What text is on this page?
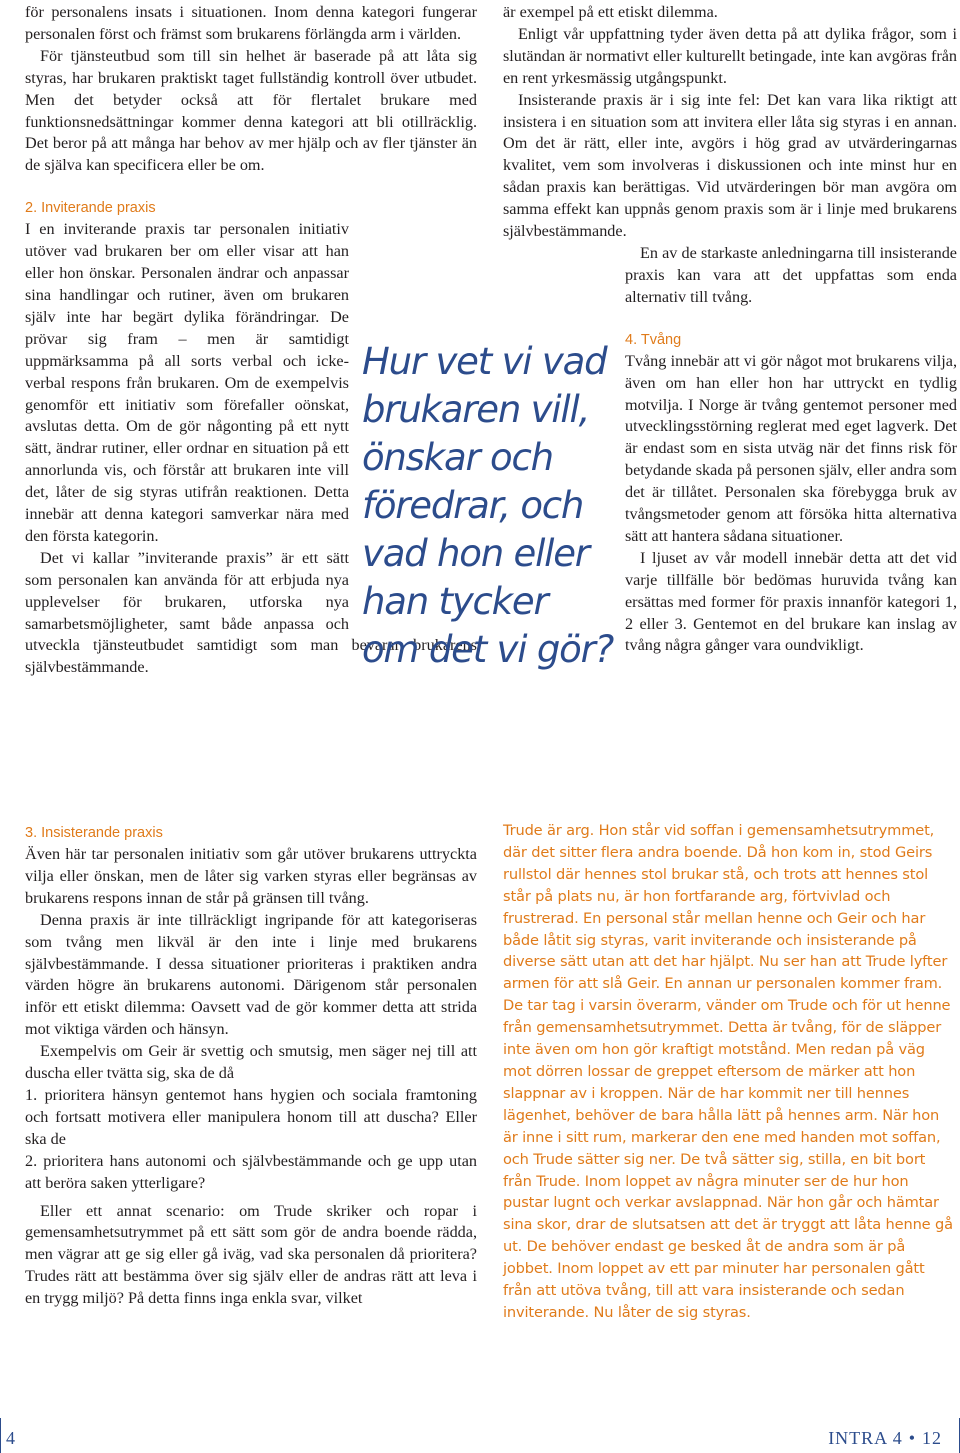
för personalens insats i situationen. Inom denna kategori fungerar personalen först och främst som brukarens förlängda arm i världen.

För tjänsteutbud som till sin helhet är baserade på att låta sig styras, har brukaren praktiskt taget fullständig kontroll över utbudet. Men det betyder också att för flertalet brukare med funktionsnedsättningar kommer denna kategori att bli otillräcklig. Det beror på att många har behov av mer hjälp och av fler tjänster än de själva kan specificera eller be om.

2. Inviterande praxis

I en inviterande praxis tar personalen initiativ utöver vad brukaren ber om eller visar att han eller hon önskar. Personalen ändrar och anpassar sina handlingar och rutiner, även om brukaren själv inte har begärt dylika förändringar. De prövar sig fram – men är samtidigt uppmärksamma på all sorts verbal och icke-verbal respons från brukaren. Om de exempelvis genomför ett initiativ som förefaller oönskat, avslutas detta. Om de gör någonting på ett nytt sätt, ändrar rutiner, eller ordnar en situation på ett annorlunda vis, och förstår att brukaren inte vill det, låter de sig styras utifrån reaktionen. Detta innebär att denna kategori samverkar nära med den första kategorin.

Det vi kallar ”inviterande praxis” är ett sätt som personalen kan använda för att erbjuda nya upplevelser för brukaren, utforska nya samarbetsmöjligheter, samt både anpassa och utveckla tjänsteutbudet samtidigt som man bevarar brukarens självbestämmande.

Hur vet vi vad
brukaren vill,
önskar och
föredrar, och
vad hon eller
han tycker
om det vi gör?

är exempel på ett etiskt dilemma.

Enligt vår uppfattning tyder även detta på att dylika frågor, som i slutändan är normativt eller kulturellt betingade, inte kan avgöras från en rent yrkesmässig utgångspunkt.

Insisterande praxis är i sig inte fel: Det kan vara lika riktigt att insistera i en situation som att invitera eller låta sig styras i en annan. Om det är rätt, eller inte, avgörs i hög grad av utvärderingarnas kvalitet, vem som involveras i diskussionen och inte minst hur en sådan praxis kan berättigas. Vid utvärderingen bör man avgöra om samma effekt kan uppnås genom praxis som är i linje med brukarens självbestämmande.

En av de starkaste anledningarna till insisterande praxis kan vara att det uppfattas som enda alternativ till tvång.

4. Tvång

Tvång innebär att vi gör något mot brukarens vilja, även om han eller hon har uttryckt en tydlig motvilja. I Norge är tvång gentemot personer med utvecklingsstörning reglerat med eget lagverk. Det är endast som en sista utväg när det finns risk för betydande skada på personen själv, eller andra som det är tillåtet. Personalen ska förebygga bruk av tvångsmetoder genom att försöka hitta alternativa sätt att hantera sådana situationer.

I ljuset av vår modell innebär detta att det vid varje tillfälle bör bedömas huruvida tvång kan ersättas med former för praxis innanför kategori 1, 2 eller 3. Gentemot en del brukare kan inslag av tvång några gånger vara oundvikligt.

3. Insisterande praxis

Även här tar personalen initiativ som går utöver brukarens uttryckta vilja eller önskan, men de låter sig varken styras eller begränsas av brukarens respons innan de står på gränsen till tvång.

Denna praxis är inte tillräckligt ingripande för att kategoriseras som tvång men likväl är den inte i linje med brukarens självbestämmande. I dessa situationer prioriteras i praktiken andra värden högre än brukarens autonomi. Därigenom står personalen inför ett etiskt dilemma: Oavsett vad de gör kommer detta att strida mot viktiga värden och hänsyn.

Exempelvis om Geir är svettig och smutsig, men säger nej till att duscha eller tvätta sig, ska de då

1. prioritera hänsyn gentemot hans hygien och sociala framtoning och fortsatt motivera eller manipulera honom till att duscha? Eller ska de

2. prioritera hans autonomi och självbestämmande och ge upp utan att beröra saken ytterligare?

Eller ett annat scenario: om Trude skriker och ropar i gemensamhetsutrymmet på ett sätt som gör de andra boende rädda, men vägrar att ge sig eller gå iväg, vad ska personalen då prioritera? Trudes rätt att bestämma över sig själv eller de andras rätt att leva i en trygg miljö? På detta finns inga enkla svar, vilket

Trude är arg. Hon står vid soffan i gemensamhetsutrymmet, där det sitter flera andra boende. Då hon kom in, stod Geirs rullstol där hennes stol brukar stå, och trots att hennes stol står på plats nu, är hon fortfarande arg, förtvivlad och frustrerad. En personal står mellan henne och Geir och har både låtit sig styras, varit inviterande och insisterande på diverse sätt utan att det har hjälpt. Nu ser han att Trude lyfter armen för att slå Geir. En annan ur personalen kommer fram. De tar tag i varsin överarm, vänder om Trude och för ut henne från gemensamhetsutrymmet. Detta är tvång, för de släpper inte även om hon gör kraftigt motstånd. Men redan på väg mot dörren lossar de greppet eftersom de märker att hon slappnar av i kroppen. När de har kommit ner till hennes lägenhet, behöver de bara hålla lätt på hennes arm. När hon är inne i sitt rum, markerar den ene med handen mot soffan, och Trude sätter sig ner. De två sätter sig, stilla, en bit bort från Trude. Inom loppet av några minuter ser de hur hon pustar lugnt och verkar avslappnad. När hon går och hämtar sina skor, drar de slutsatsen att det är tryggt att låta henne gå ut. De behöver endast ge besked åt de andra som är på jobbet. Inom loppet av ett par minuter har personalen gått från att utöva tvång, till att vara insisterande och sedan inviterande. Nu låter de sig styras.

4	INTRA 4 • 12
